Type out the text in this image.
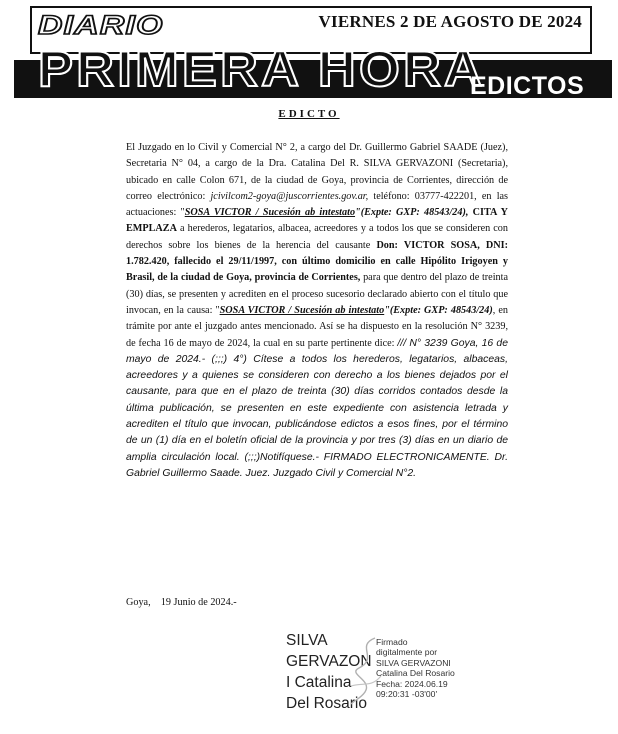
VIERNES 2 DE AGOSTO DE 2024
DIARIO
PRIMERA HORA
EDICTOS
EDICTO

El Juzgado en lo Civil y Comercial N° 2, a cargo del Dr. Guillermo Gabriel SAADE (Juez), Secretaria N° 04, a cargo de la Dra. Catalina Del R. SILVA GERVAZONI (Secretaria), ubicado en calle Colon 671, de la ciudad de Goya, provincia de Corrientes, dirección de correo electrónico: jcivilcom2-goya@juscorrientes.gov.ar, teléfono: 03777-422201, en las actuaciones: "SOSA VICTOR / Sucesión ab intestato"(Expte: GXP: 48543/24), CITA Y EMPLAZA a herederos, legatarios, albacea, acreedores y a todos los que se consideren con derechos sobre los bienes de la herencia del causante Don: VICTOR SOSA, DNI: 1.782.420, fallecido el 29/11/1997, con último domicilio en calle Hipólito Irigoyen y Brasil, de la ciudad de Goya, provincia de Corrientes, para que dentro del plazo de treinta (30) días, se presenten y acrediten en el proceso sucesorio declarado abierto con el título que invocan, en la causa: "SOSA VICTOR / Sucesión ab intestato"(Expte: GXP: 48543/24), en trámite por ante el juzgado antes mencionado. Así se ha dispuesto en la resolución N° 3239, de fecha 16 de mayo de 2024, la cual en su parte pertinente dice: /// N° 3239 Goya, 16 de mayo de 2024.- (;;;) 4°) Cítese a todos los herederos, legatarios, albaceas, acreedores y a quienes se consideren con derecho a los bienes dejados por el causante, para que en el plazo de treinta (30) días corridos contados desde la última publicación, se presenten en este expediente con asistencia letrada y acrediten el título que invocan, publicándose edictos a esos fines, por el término de un (1) día en el boletín oficial de la provincia y por tres (3) días en un diario de amplia circulación local. (;;;)Notifíquese.- FIRMADO ELECTRONICAMENTE. Dr. Gabriel Guillermo Saade. Juez. Juzgado Civil y Comercial N°2.

Goya, 19 Junio de 2024.-
SILVA
GERVAZON
I Catalina
Del Rosario
Firmado
digitalmente por
SILVA GERVAZONI
Catalina Del Rosario
Fecha: 2024.06.19
09:20:31 -03'00'
